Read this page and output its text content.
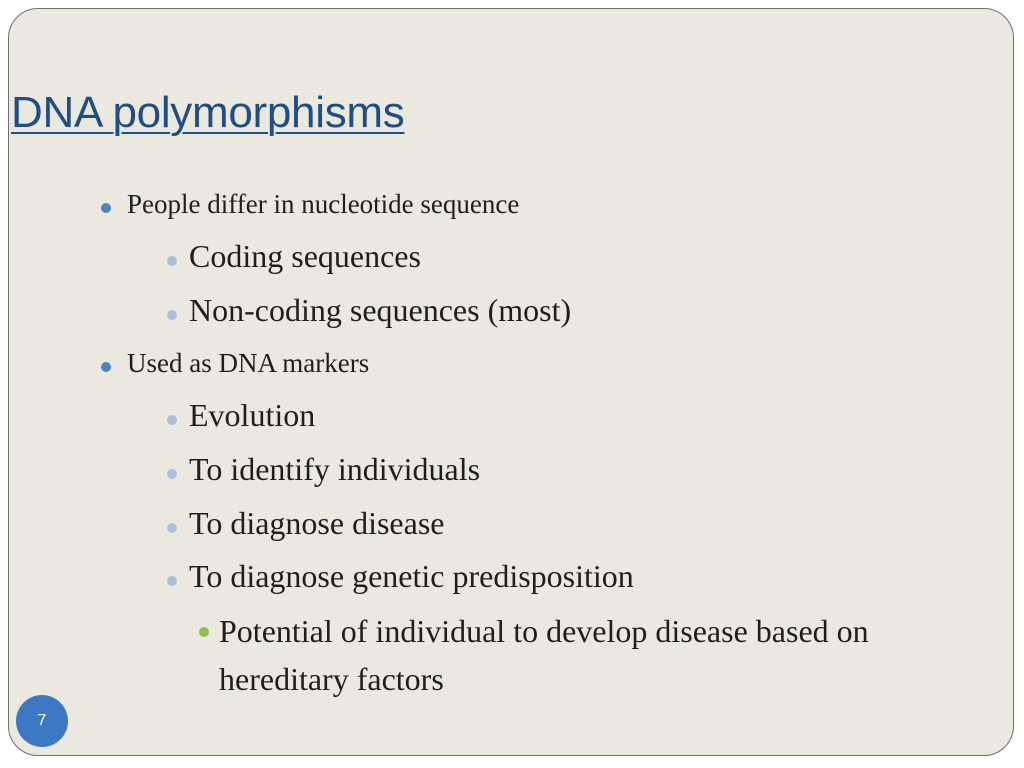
DNA polymorphisms
People differ in nucleotide sequence
Coding sequences
Non-coding sequences (most)
Used as DNA markers
Evolution
To identify individuals
To diagnose disease
To diagnose genetic predisposition
Potential of individual to develop disease based on
hereditary factors
7
